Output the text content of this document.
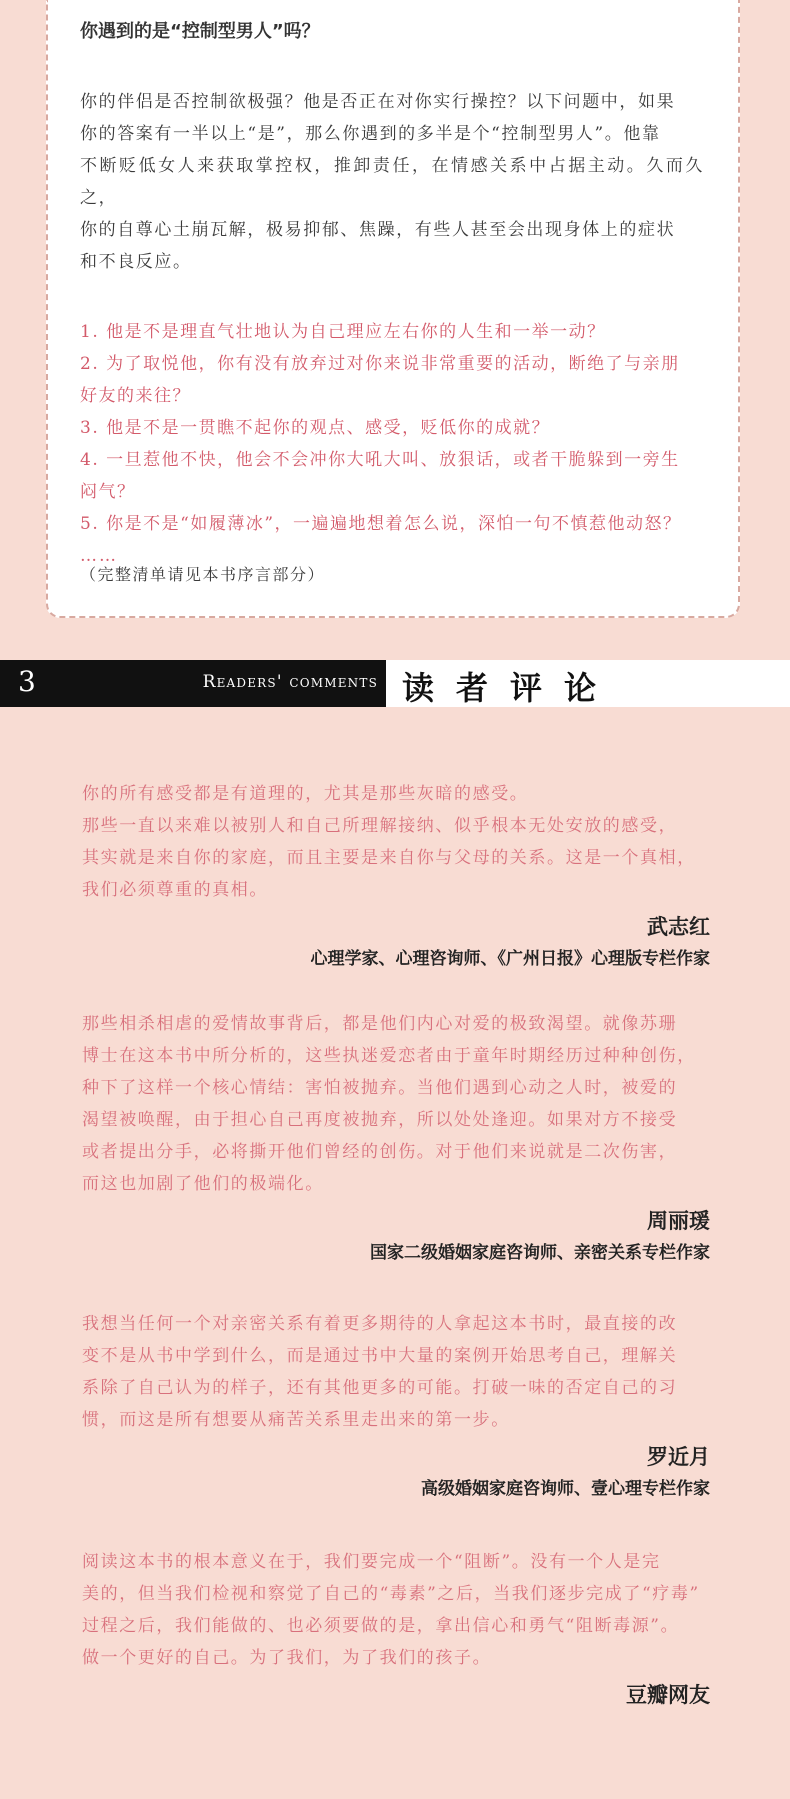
你遇到的是“控制型男人”吗？

你的伴侣是否控制欲极强？他是否正在对你实行操控？以下问题中，如果
你的答案有一半以上“是”，那么你遇到的多半是个“控制型男人”。他靠
不断贬低女人来获取掌控权，推卸责任，在情感关系中占据主动。久而久之，
你的自尊心土崩瓦解，极易抑郁、焦躁，有些人甚至会出现身体上的症状
和不良反应。

1. 他是不是理直气壮地认为自己理应左右你的人生和一举一动？
2. 为了取悦他，你有没有放弃过对你来说非常重要的活动，断绝了与亲朋
好友的来往？
3. 他是不是一贯瞧不起你的观点、感受，贬低你的成就？
4. 一旦惹他不快，他会不会冲你大吼大叫、放狠话，或者干脆躲到一旁生
闷气？
5. 你是不是“如履薄冰”，一遍遍地想着怎么说，深怕一句不慎惹他动怒？
……
（完整清单请见本书序言部分）
3	Readers' comments 读者评论

你的所有感受都是有道理的，尤其是那些灰暗的感受。
那些一直以来难以被别人和自己所理解接纳、似乎根本无处安放的感受，
其实就是来自你的家庭，而且主要是来自你与父母的关系。这是一个真相，
我们必须尊重的真相。

武志红

心理学家、心理咨询师、《广州日报》心理版专栏作家

那些相杀相虐的爱情故事背后，都是他们内心对爱的极致渴望。就像苏珊
博士在这本书中所分析的，这些执迷爱恋者由于童年时期经历过种种创伤，
种下了这样一个核心情结：害怕被抛弃。当他们遇到心动之人时，被爱的
渴望被唤醒，由于担心自己再度被抛弃，所以处处逢迎。如果对方不接受
或者提出分手，必将撕开他们曾经的创伤。对于他们来说就是二次伤害，
而这也加剧了他们的极端化。

周丽瑗

国家二级婚姻家庭咨询师、亲密关系专栏作家

我想当任何一个对亲密关系有着更多期待的人拿起这本书时，最直接的改
变不是从书中学到什么，而是通过书中大量的案例开始思考自己，理解关
系除了自己认为的样子，还有其他更多的可能。打破一味的否定自己的习
惯，而这是所有想要从痛苦关系里走出来的第一步。

罗近月

高级婚姻家庭咨询师、壹心理专栏作家

阅读这本书的根本意义在于，我们要完成一个“阻断”。没有一个人是完
美的，但当我们检视和察觉了自己的“毒素”之后，当我们逐步完成了“疗毒”
过程之后，我们能做的、也必须要做的是，拿出信心和勇气“阻断毒源”。
做一个更好的自己。为了我们，为了我们的孩子。

豆瓣网友
